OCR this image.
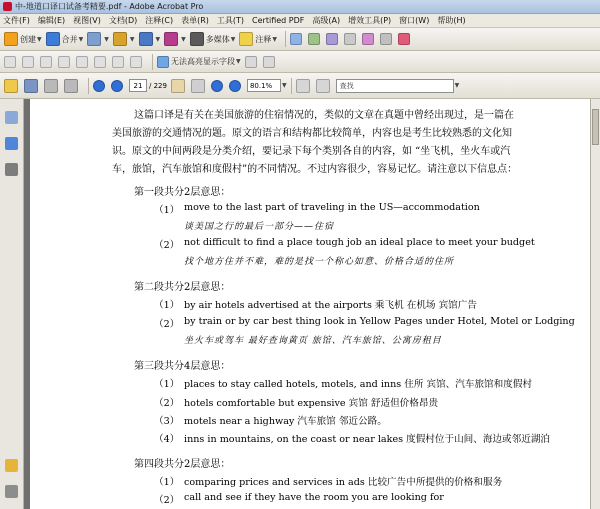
中-地道口译口试备考精要.pdf - Adobe Acrobat Pro
文件(F) 编辑(E) 视图(V) 文档(D) 注释(C) 表单(R) 工具(T) Certified PDF 高级(A) 增效工具(P) 窗口(W) 帮助(H)
创建 ▼	合并 ▼	▼	▼	▼	▼	多媒体 ▼	注释 ▼
无法高亮显示字段 ▼
21 / 229	80.1%	▼	查找	▼
这篇口译是有关在美国旅游的住宿情况的，类似的文章在真题中曾经出现过，是一篇在
美国旅游的交通情况的题。原文的语言和结构都比较简单，内容也是考生比较熟悉的文化知
识。原文的中间两段是分类介绍，要记录下每个类别各自的内容，如 “坐飞机，坐火车或汽
车，旅馆，汽车旅馆和度假村”的不同情况。不过内容很少，容易记忆。请注意以下信息点：
第一段共分2层意思：
（1） move to the last part of traveling in the US—accommodation
谈美国之行的最后一部分——住宿
（2） not difficult to find a place tough job an ideal place to meet your budget
找个地方住并不难，难的是找一个称心如意、价格合适的住所
第二段共分2层意思：
（1） by air hotels advertised at the airports 乘飞机 在机场 宾馆广告
（2） by train or by car best thing look in Yellow Pages under Hotel, Motel or Lodging
坐火车或驾车 最好查询黄页 旅馆、汽车旅馆、公寓房租目
第三段共分4层意思：
（1） places to stay called hotels, motels, and inns 住所 宾馆、汽车旅馆和度假村
（2） hotels comfortable but expensive 宾馆 舒适但价格昂贵
（3） motels near a highway 汽车旅馆 邻近公路。
（4） inns in mountains, on the coast or near lakes 度假村位于山间、海边或邻近湖泊
第四段共分2层意思：
（1） comparing prices and services in ads 比较广告中所提供的价格和服务
（2） call and see if they have the room you are looking for
